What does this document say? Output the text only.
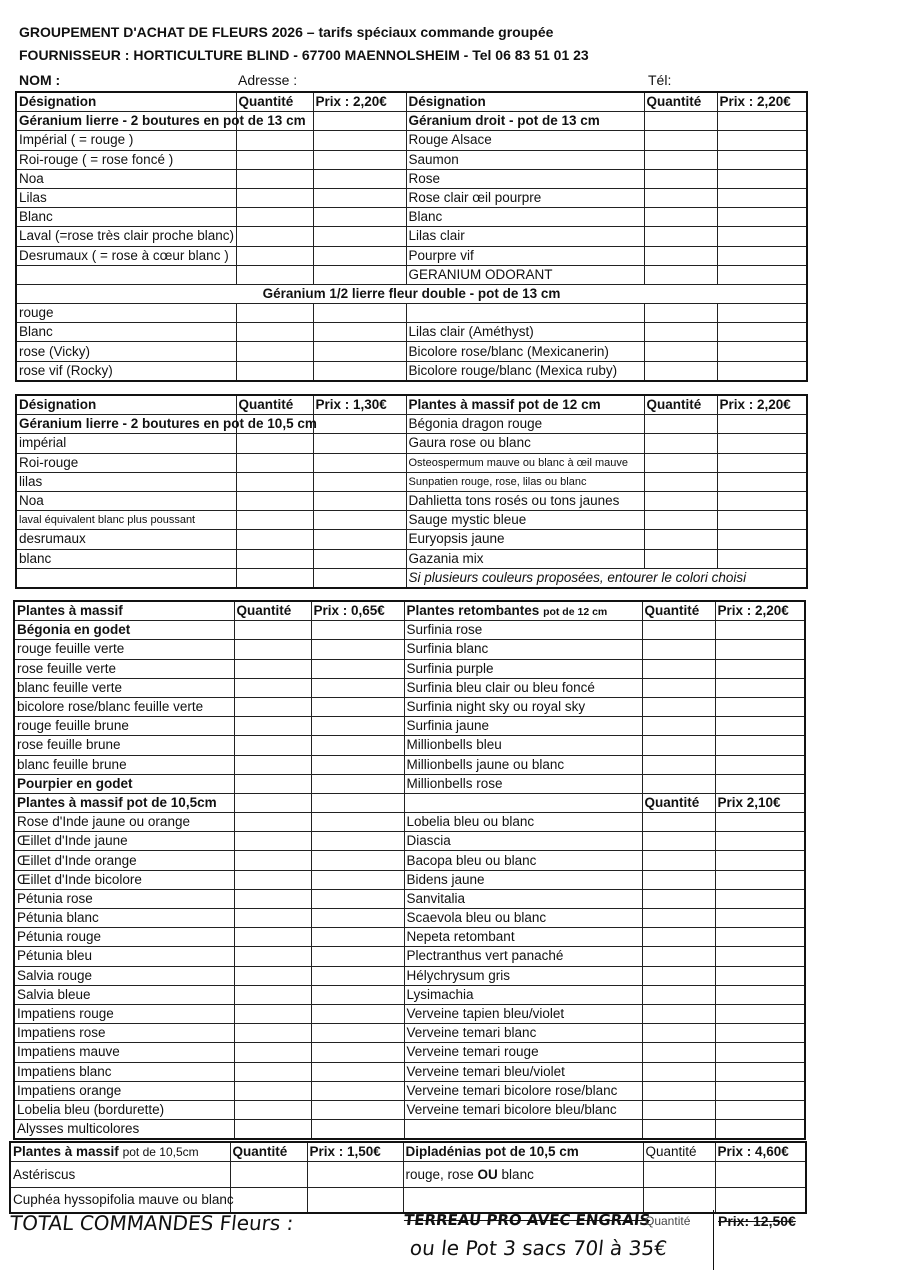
GROUPEMENT D'ACHAT DE FLEURS 2026 – tarifs spéciaux commande groupée
FOURNISSEUR : HORTICULTURE BLIND - 67700 MAENNOLSHEIM - Tel 06 83 51 01 23
NOM :	Adresse :	Tél:
Désignation	Quantité	Prix : 2,20€	Désignation	Quantité	Prix : 2,20€
Géranium lierre - 2 boutures en pot de 13 cm			Géranium droit - pot de 13 cm		
Impérial ( = rouge )			Rouge Alsace		
Roi-rouge ( = rose foncé )			Saumon		
Noa			Rose		
Lilas			Rose clair œil pourpre		
Blanc			Blanc		
Laval (=rose très clair proche blanc)			Lilas clair		
Desrumaux ( = rose à cœur blanc )			Pourpre vif		
			GERANIUM ODORANT		
Géranium 1/2 lierre fleur double - pot de 13 cm					
rouge					
Blanc			Lilas clair (Améthyst)		
rose (Vicky)			Bicolore rose/blanc (Mexicanerin)		
rose vif (Rocky)			Bicolore rouge/blanc (Mexica ruby)		
Désignation	Quantité	Prix : 1,30€	Plantes à massif pot de 12 cm	Quantité	Prix : 2,20€
Géranium lierre - 2 boutures en pot de 10,5 cm			Bégonia dragon rouge		
impérial			Gaura rose ou blanc		
Roi-rouge			Osteospermum mauve ou blanc à œil mauve		
lilas			Sunpatien rouge, rose, lilas ou blanc		
Noa			Dahlietta tons rosés ou tons jaunes		
laval équivalent blanc plus poussant			Sauge mystic bleue		
desrumaux			Euryopsis jaune		
blanc			Gazania mix		
			Si plusieurs couleurs proposées, entourer le colori choisi		
Plantes à massif	Quantité	Prix : 0,65€	Plantes retombantes pot de 12 cm	Quantité	Prix : 2,20€
Bégonia en godet			Surfinia rose		
rouge feuille verte			Surfinia blanc		
rose feuille verte			Surfinia purple		
blanc feuille verte			Surfinia bleu clair ou bleu foncé		
bicolore rose/blanc feuille verte			Surfinia night sky ou royal sky		
rouge feuille brune			Surfinia jaune		
rose feuille brune			Millionbells bleu		
blanc feuille brune			Millionbells jaune ou blanc		
Pourpier en godet			Millionbells rose		
Plantes à massif pot de 10,5cm				Quantité	Prix 2,10€
Rose d'Inde jaune ou orange			Lobelia bleu ou blanc		
Œillet d'Inde jaune			Diascia		
Œillet d'Inde orange			Bacopa bleu ou blanc		
Œillet d'Inde bicolore			Bidens jaune		
Pétunia rose			Sanvitalia		
Pétunia blanc			Scaevola bleu ou blanc		
Pétunia rouge			Nepeta retombant		
Pétunia bleu			Plectranthus vert panaché		
Salvia rouge			Hélychrysum gris		
Salvia bleue			Lysimachia		
Impatiens rouge			Verveine tapien bleu/violet		
Impatiens rose			Verveine temari blanc		
Impatiens mauve			Verveine temari rouge		
Impatiens blanc			Verveine temari bleu/violet		
Impatiens orange			Verveine temari bicolore rose/blanc		
Lobelia bleu (bordurette)			Verveine temari bicolore bleu/blanc		
Alysses multicolores					
Plantes à massif pot de 10,5cm	Quantité	Prix : 1,50€	Dipladénias pot de 10,5 cm	Quantité	Prix : 4,60€
Astériscus			rouge, rose OU blanc		
Cuphéa hyssopifolia mauve ou blanc					
TOTAL COMMANDES Fleurs :	TERREAU PRO AVEC ENGRAIS
Quantité Prix: 12,50€
ou le Pot 3 sacs 70l à 35€
